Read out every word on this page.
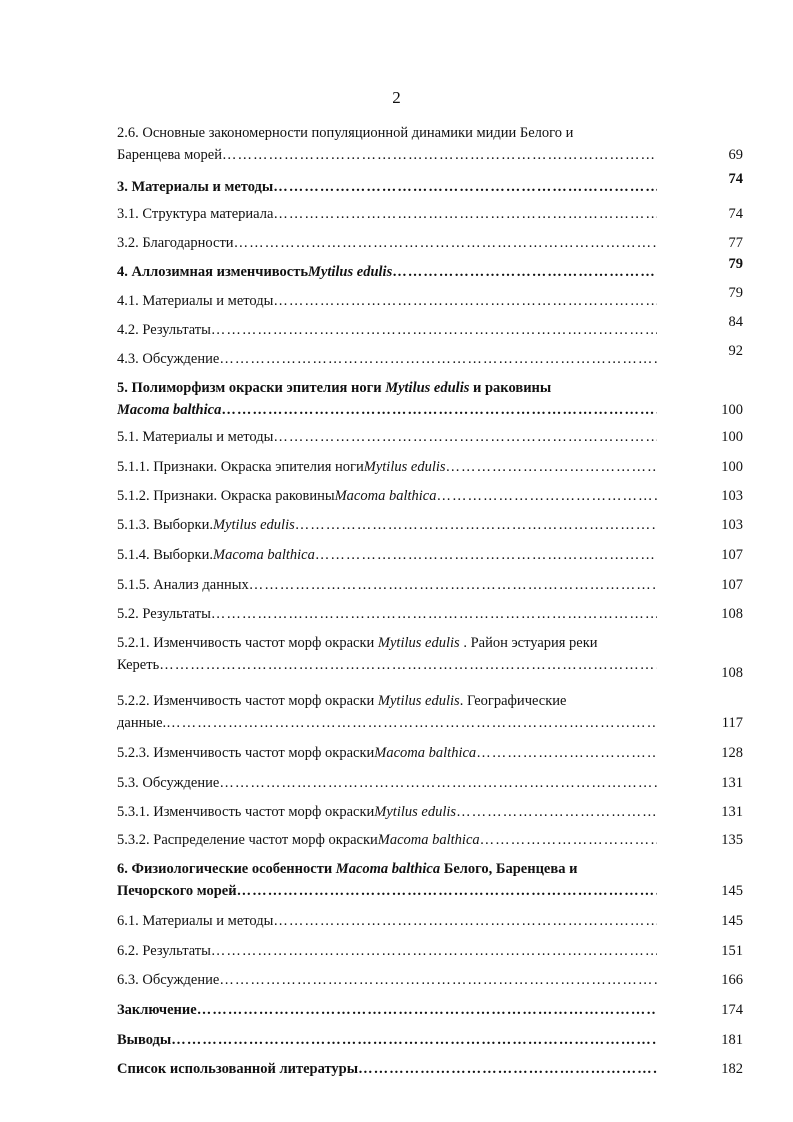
2
2.6. Основные закономерности популяционной динамики мидии Белого и
Баренцева морей …………………………………………………………………………………………………………………………………………………………………………	69
3. Материалы и методы …………………………………………………………………………………………………………………………………………………………………………	74
3.1. Структура материала …………………………………………………………………………………………………………………………………………………………………………	74
3.2. Благодарности …………………………………………………………………………………………………………………………………………………………………………	77
4. Аллозимная изменчивость Mytilus edulis …………………………………………………………………………………………………………………………………………………………………………	79
4.1. Материалы и методы …………………………………………………………………………………………………………………………………………………………………………	79
4.2. Результаты …………………………………………………………………………………………………………………………………………………………………………	84
4.3. Обсуждение …………………………………………………………………………………………………………………………………………………………………………	92
5. Полиморфизм окраски эпителия ноги Mytilus edulis и раковины
Macoma balthica …………………………………………………………………………………………………………………………………………………………………………	100
5.1. Материалы и методы …………………………………………………………………………………………………………………………………………………………………………	100
5.1.1. Признаки. Окраска эпителия ноги Mytilus edulis …………………………………………………………………………………………………………………………………………………………………………	100
5.1.2. Признаки. Окраска раковины Macoma balthica …………………………………………………………………………………………………………………………………………………………………………	103
5.1.3. Выборки. Mytilus edulis …………………………………………………………………………………………………………………………………………………………………………	103
5.1.4. Выборки. Macoma balthica …………………………………………………………………………………………………………………………………………………………………………	107
5.1.5. Анализ данных …………………………………………………………………………………………………………………………………………………………………………	107
5.2. Результаты …………………………………………………………………………………………………………………………………………………………………………	108
5.2.1. Изменчивость частот морф окраски Mytilus edulis . Район эстуария реки
Кереть …………………………………………………………………………………………………………………………………………………………………………	108
5.2.2. Изменчивость частот морф окраски Mytilus edulis. Географические
данные. …………………………………………………………………………………………………………………………………………………………………………	117
5.2.3. Изменчивость частот морф окраски Macoma balthica …………………………………………………………………………………………………………………………………………………………………………	128
5.3. Обсуждение …………………………………………………………………………………………………………………………………………………………………………	131
5.3.1. Изменчивость частот морф окраски Mytilus edulis …………………………………………………………………………………………………………………………………………………………………………	131
5.3.2. Распределение частот морф окраски Macoma balthica …………………………………………………………………………………………………………………………………………………………………………	135
6. Физиологические особенности Macoma balthica Белого, Баренцева и
Печорского морей …………………………………………………………………………………………………………………………………………………………………………	145
6.1. Материалы и методы …………………………………………………………………………………………………………………………………………………………………………	145
6.2. Результаты …………………………………………………………………………………………………………………………………………………………………………	151
6.3. Обсуждение …………………………………………………………………………………………………………………………………………………………………………	166
Заключение …………………………………………………………………………………………………………………………………………………………………………	174
Выводы …………………………………………………………………………………………………………………………………………………………………………	181
Список использованной литературы …………………………………………………………………………………………………………………………………………………………………………	182
